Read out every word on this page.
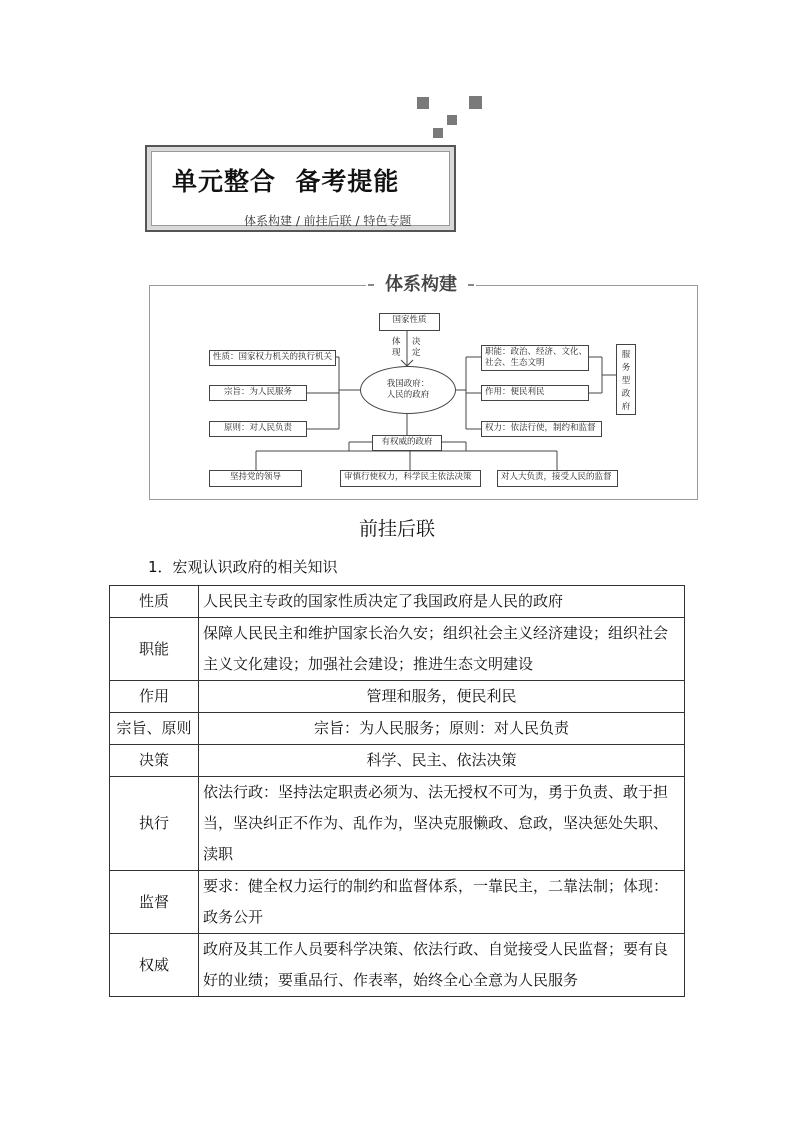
单元整合  备考提能
体系构建 / 前挂后联 / 特色专题
体系构建
国家性质
体
现
决
定
我国政府：
人民的政府
性质：国家权力机关的执行机关
宗旨：为人民服务
原则：对人民负责
职能：政治、经济、文化、
社会、生态文明
作用：便民利民
权力：依法行使，制约和监督
服
务
型
政
府
有权威的政府
坚持党的领导	审慎行使权力，科学民主依法决策	对人大负责，接受人民的监督
前挂后联
1．宏观认识政府的相关知识
性质	人民民主专政的国家性质决定了我国政府是人民的政府
职能	保障人民民主和维护国家长治久安；组织社会主义经济建设；组织社会主义文化建设；加强社会建设；推进生态文明建设
作用	管理和服务，便民利民
宗旨、原则	宗旨：为人民服务；原则：对人民负责
决策	科学、民主、依法决策
执行	依法行政：坚持法定职责必须为、法无授权不可为，勇于负责、敢于担当，坚决纠正不作为、乱作为，坚决克服懒政、怠政，坚决惩处失职、渎职
监督	要求：健全权力运行的制约和监督体系，一靠民主，二靠法制；体现：政务公开
权威	政府及其工作人员要科学决策、依法行政、自觉接受人民监督；要有良好的业绩；要重品行、作表率，始终全心全意为人民服务
